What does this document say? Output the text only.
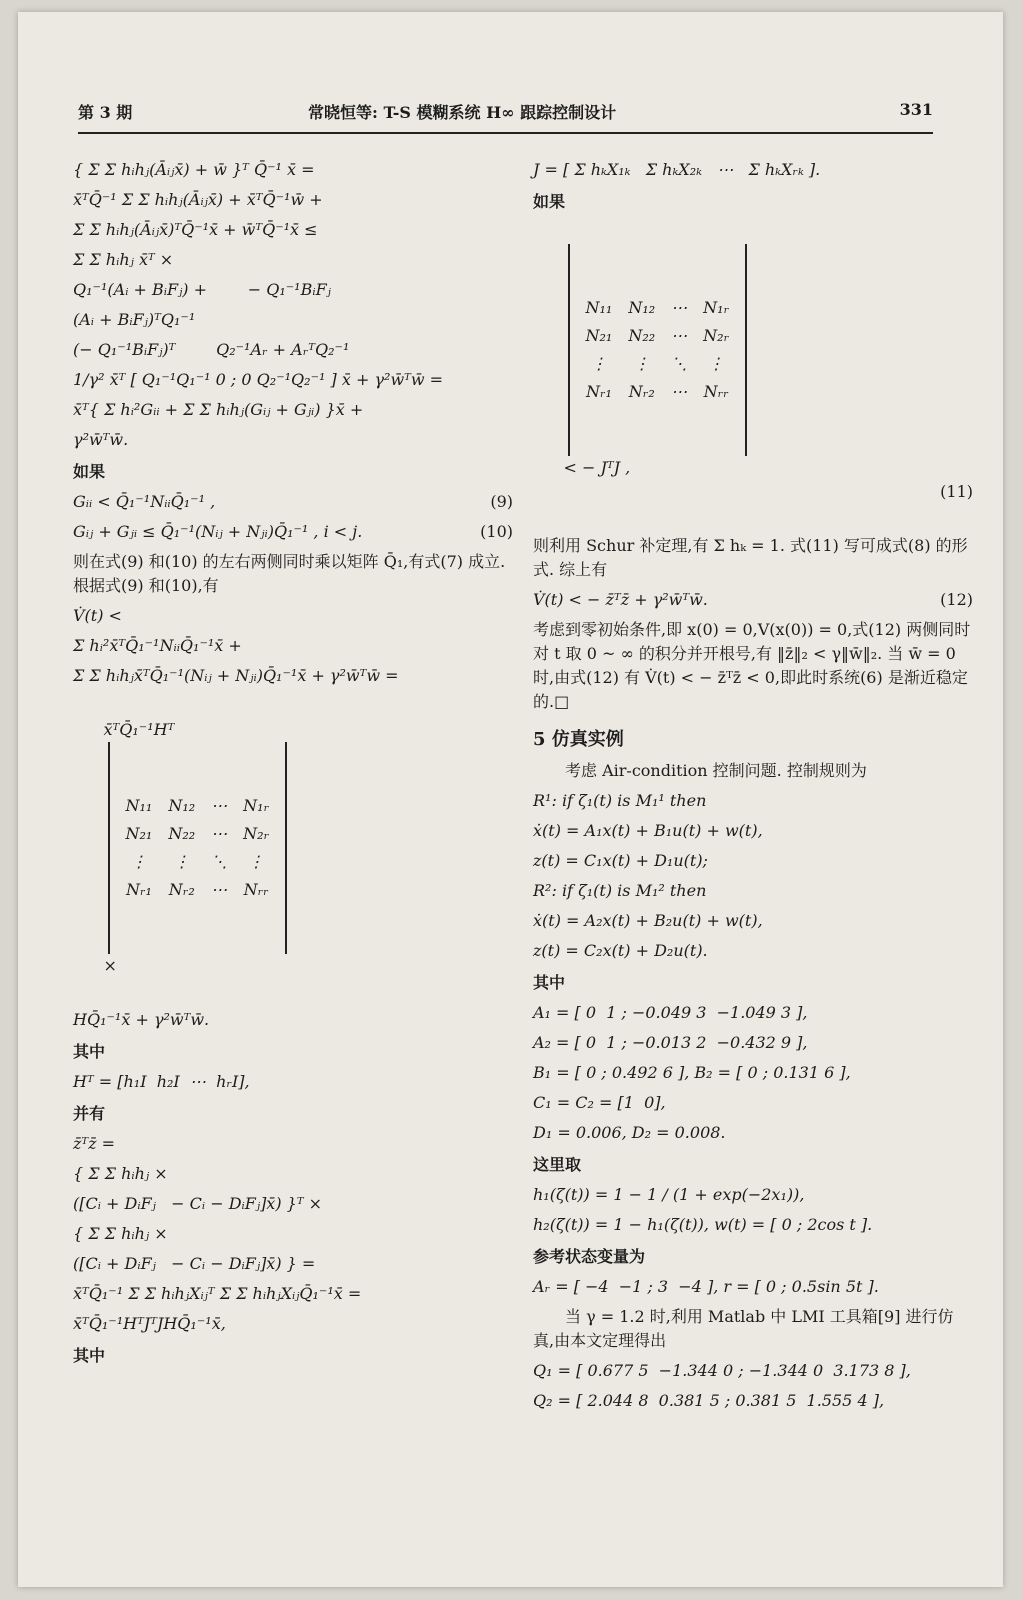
第 3 期	常晓恒等: T-S 模糊系统 H∞ 跟踪控制设计	331
{ Σ Σ hᵢhⱼ(Āᵢⱼx̄) + w̄ }ᵀ Q̄⁻¹ x̄ =
x̄ᵀQ̄⁻¹ Σ Σ hᵢhⱼ(Āᵢⱼx̄) + x̄ᵀQ̄⁻¹w̄ +
Σ Σ hᵢhⱼ(Āᵢⱼx̄)ᵀQ̄⁻¹x̄ + w̄ᵀQ̄⁻¹x̄ ≤
Σ Σ hᵢhⱼ x̄ᵀ ×
Q₁⁻¹(Aᵢ + BᵢFⱼ) +        − Q₁⁻¹BᵢFⱼ
(Aᵢ + BᵢFⱼ)ᵀQ₁⁻¹
(− Q₁⁻¹BᵢFⱼ)ᵀ        Q₂⁻¹Aᵣ + AᵣᵀQ₂⁻¹
1/γ² x̄ᵀ [ Q₁⁻¹Q₁⁻¹ 0 ; 0 Q₂⁻¹Q₂⁻¹ ] x̄ + γ²w̄ᵀw̄ =
x̄ᵀ{ Σ hᵢ²Gᵢᵢ + Σ Σ hᵢhⱼ(Gᵢⱼ + Gⱼᵢ) }x̄ +
γ²w̄ᵀw̄.
如果
Gᵢᵢ < Q̄₁⁻¹NᵢᵢQ̄₁⁻¹ ,	(9)
Gᵢⱼ + Gⱼᵢ ≤ Q̄₁⁻¹(Nᵢⱼ + Nⱼᵢ)Q̄₁⁻¹ , i < j.	(10)
则在式(9) 和(10) 的左右两侧同时乘以矩阵 Q̄₁,有式(7) 成立. 根据式(9) 和(10),有
V̇(t) <
Σ hᵢ²x̄ᵀQ̄₁⁻¹NᵢᵢQ̄₁⁻¹x̄ +
Σ Σ hᵢhⱼx̄ᵀQ̄₁⁻¹(Nᵢⱼ + Nⱼᵢ)Q̄₁⁻¹x̄ + γ²w̄ᵀw̄ =

x̄ᵀQ̄₁⁻¹Hᵀ

N₁₁	N₁₂	⋯	N₁ᵣ
N₂₁	N₂₂	⋯	N₂ᵣ
⋮	⋮	⋱	⋮
Nᵣ₁	Nᵣ₂	⋯	Nᵣᵣ

×

HQ̄₁⁻¹x̄ + γ²w̄ᵀw̄.
其中
Hᵀ = [h₁I  h₂I  ⋯  hᵣI],
并有
z̄ᵀz̄ =
{ Σ Σ hᵢhⱼ ×
([Cᵢ + DᵢFⱼ   − Cᵢ − DᵢFⱼ]x̄) }ᵀ ×
{ Σ Σ hᵢhⱼ ×
([Cᵢ + DᵢFⱼ   − Cᵢ − DᵢFⱼ]x̄) } =
x̄ᵀQ̄₁⁻¹ Σ Σ hᵢhⱼXᵢⱼᵀ Σ Σ hᵢhⱼXᵢⱼQ̄₁⁻¹x̄ =
x̄ᵀQ̄₁⁻¹HᵀJᵀJHQ̄₁⁻¹x̄,
其中
J = [ Σ hₖX₁ₖ   Σ hₖX₂ₖ   ⋯   Σ hₖXᵣₖ ].
如果

N₁₁	N₁₂	⋯	N₁ᵣ
N₂₁	N₂₂	⋯	N₂ᵣ
⋮	⋮	⋱	⋮
Nᵣ₁	Nᵣ₂	⋯	Nᵣᵣ

< − JᵀJ ,

(11)

则利用 Schur 补定理,有 Σ hₖ = 1. 式(11) 写可成式(8) 的形式. 综上有
V̇(t) < − z̄ᵀz̄ + γ²w̄ᵀw̄.	(12)
考虑到零初始条件,即 x(0) = 0,V(x(0)) = 0,式(12) 两侧同时对 t 取 0 ~ ∞ 的积分并开根号,有 ‖z̄‖₂ < γ‖w̄‖₂. 当 w̄ = 0 时,由式(12) 有 V̇(t) < − z̄ᵀz̄ < 0,即此时系统(6) 是渐近稳定的.□
5 仿真实例
考虑 Air-condition 控制问题. 控制规则为
R¹: if ζ₁(t) is M₁¹ then
ẋ(t) = A₁x(t) + B₁u(t) + w(t),
z(t) = C₁x(t) + D₁u(t);
R²: if ζ₁(t) is M₁² then
ẋ(t) = A₂x(t) + B₂u(t) + w(t),
z(t) = C₂x(t) + D₂u(t).
其中
A₁ = [ 0  1 ; −0.049 3  −1.049 3 ],
A₂ = [ 0  1 ; −0.013 2  −0.432 9 ],
B₁ = [ 0 ; 0.492 6 ], B₂ = [ 0 ; 0.131 6 ],
C₁ = C₂ = [1  0],
D₁ = 0.006, D₂ = 0.008.
这里取
h₁(ζ(t)) = 1 − 1 / (1 + exp(−2x₁)),
h₂(ζ(t)) = 1 − h₁(ζ(t)), w(t) = [ 0 ; 2cos t ].
参考状态变量为
Aᵣ = [ −4  −1 ; 3  −4 ], r = [ 0 ; 0.5sin 5t ].
当 γ = 1.2 时,利用 Matlab 中 LMI 工具箱[9] 进行仿真,由本文定理得出
Q₁ = [ 0.677 5  −1.344 0 ; −1.344 0  3.173 8 ],
Q₂ = [ 2.044 8  0.381 5 ; 0.381 5  1.555 4 ],
